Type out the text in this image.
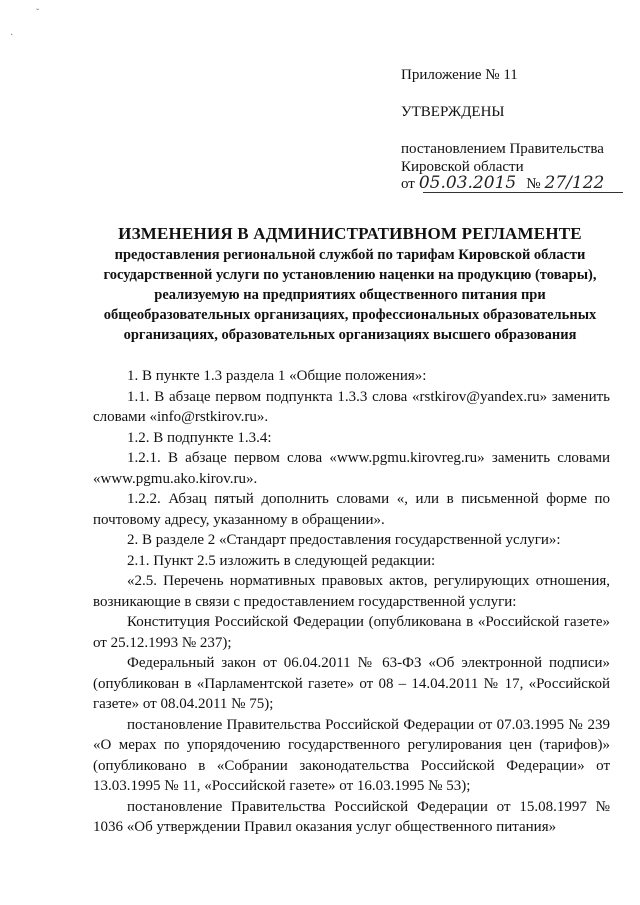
ˇ
·
Приложение № 11
УТВЕРЖДЕНЫ
постановлением Правительства
Кировской области
от 05.03.2015 № 27/122
ИЗМЕНЕНИЯ В АДМИНИСТРАТИВНОМ РЕГЛАМЕНТЕ
предоставления региональной службой по тарифам Кировской области
государственной услуги по установлению наценки на продукцию (товары),
реализуемую на предприятиях общественного питания при
общеобразовательных организациях, профессиональных образовательных
организациях, образовательных организациях высшего образования

1. В пункте 1.3 раздела 1 «Общие положения»:

1.1. В абзаце первом подпункта 1.3.3 слова «rstkirov@yandex.ru» заменить словами «info@rstkirov.ru».

1.2. В подпункте 1.3.4:

1.2.1. В абзаце первом слова «www.pgmu.kirovreg.ru» заменить словами «www.pgmu.ako.kirov.ru».

1.2.2. Абзац пятый дополнить словами «, или в письменной форме по почтовому адресу, указанному в обращении».

2. В разделе 2 «Стандарт предоставления государственной услуги»:

2.1. Пункт 2.5 изложить в следующей редакции:

«2.5. Перечень нормативных правовых актов, регулирующих отношения, возникающие в связи с предоставлением государственной услуги:

Конституция Российской Федерации (опубликована в «Российской газете» от 25.12.1993 № 237);

Федеральный закон от 06.04.2011 № 63-ФЗ «Об электронной подписи» (опубликован в «Парламентской газете» от 08 – 14.04.2011 № 17, «Российской газете» от 08.04.2011 № 75);

постановление Правительства Российской Федерации от 07.03.1995 № 239 «О мерах по упорядочению государственного регулирования цен (тарифов)» (опубликовано в «Собрании законодательства Российской Федерации» от 13.03.1995 № 11, «Российской газете» от 16.03.1995 № 53);

постановление Правительства Российской Федерации от 15.08.1997 № 1036 «Об утверждении Правил оказания услуг общественного питания»
